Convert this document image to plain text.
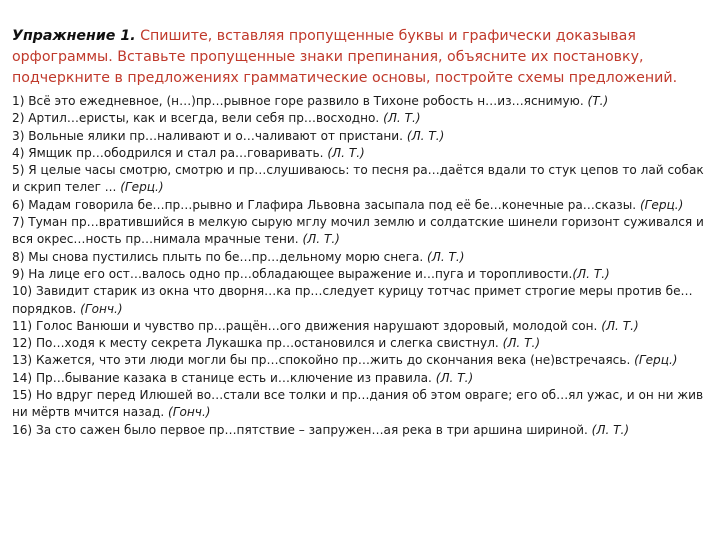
Упражнение 1. Спишите, вставляя пропущенные буквы и графически доказывая орфограммы. Вставьте пропущенные знаки препинания, объясните их постановку, подчеркните в предложениях грамматические основы, постройте схемы предложений.

1) Всё это ежедневное, (н…)пр…рывное горе развило в Тихоне робость н…из…яснимую. (Т.)
2) Артил…ерисτы, как и всегда, вели себя пр…восходно. (Л. Т.)
3) Вольные ялики пр…наливают и о…чаливают от пристани. (Л. Т.)
4) Ямщик пр…ободрился и стал ра…говаривать. (Л. Т.)
5) Я целые часы смотрю, смотрю и пр…слушиваюсь: то песня ра…даётся вдали то стук цепов то лай собак и скрип телег ... (Герц.)
6) Мадам говорила бе…пр…рывно и Глафира Львовна засыпала под её бе…конечные ра…сказы. (Герц.)
7) Туман пр…вратившийся в мелкую сырую мглу мочил землю и солдатские шинели горизонт суживался и вся окрес…ность пр…нимала мрачные тени. (Л. Т.)
8) Мы снова пустились плыть по бе…пр…дельному морю снега. (Л. Т.)
9) На лице его ост…валось одно пр…обладающее выражение и…пуга и торопливости.(Л. Т.)
10) Завидит старик из окна что дворня…ка пр…следует курицу тотчас примет строгие меры против бе…порядков. (Гонч.)
11) Голос Ванюши и чувство пр…ращён…ого движения нарушают здоровый, молодой сон. (Л. Т.)
12) По…ходя к месту секрета Лукашка пр…остановился и слегка свистнул. (Л. Т.)
13) Кажется, что эти люди могли бы пр…спокойно пр…жить до скончания века (не)встречаясь. (Герц.)
14) Пр…бывание казака в станице есть и…ключение из правила. (Л. Т.)
15) Но вдруг перед Илюшей во…стали все толки и пр…дания об этом овраге; его об…ял ужас, и он ни жив ни мёртв мчится назад. (Гонч.)
16) За сто сажен было первое пр…пятствие – запружен…ая река в три аршина шириной. (Л. Т.)
